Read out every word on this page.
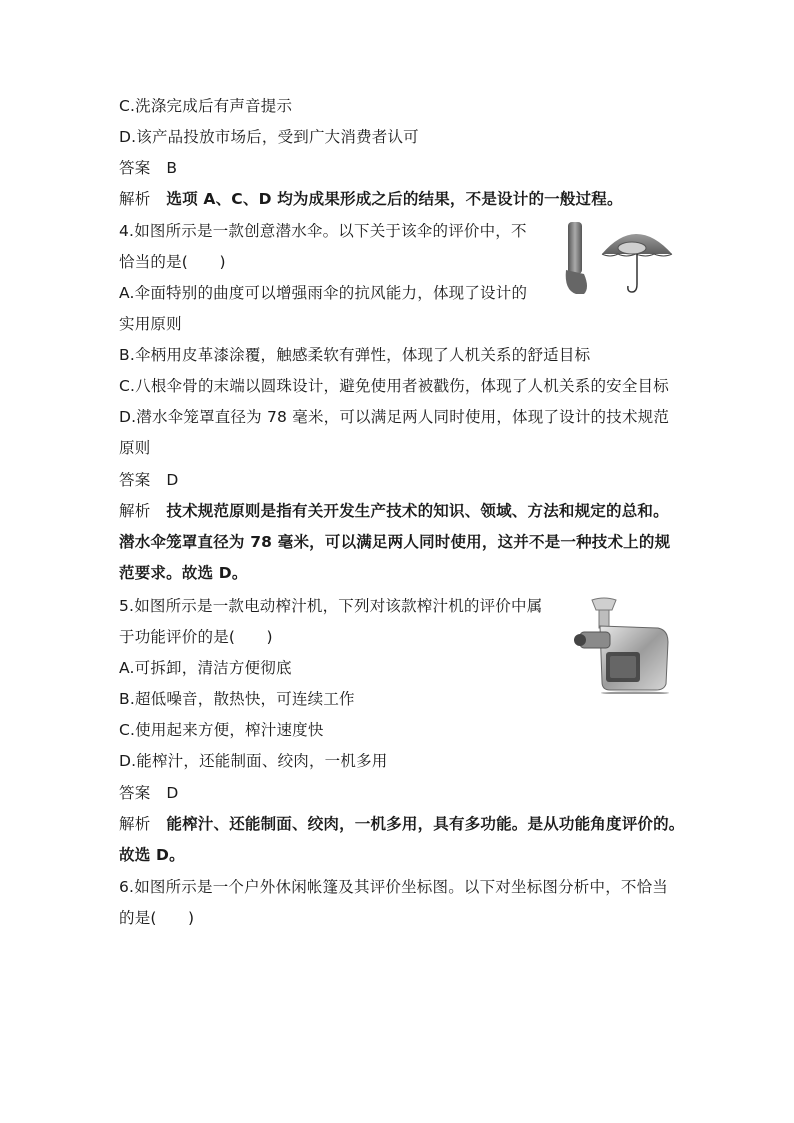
C.洗涤完成后有声音提示
D.该产品投放市场后，受到广大消费者认可
答案 B
解析 选项 A、C、D 均为成果形成之后的结果，不是设计的一般过程。
4.如图所示是一款创意潜水伞。以下关于该伞的评价中，不
恰当的是(　　)
A.伞面特别的曲度可以增强雨伞的抗风能力，体现了设计的
实用原则
B.伞柄用皮革漆涂覆，触感柔软有弹性，体现了人机关系的舒适目标
C.八根伞骨的末端以圆珠设计，避免使用者被戳伤，体现了人机关系的安全目标
D.潜水伞笼罩直径为 78 毫米，可以满足两人同时使用，体现了设计的技术规范
原则
答案 D
解析 技术规范原则是指有关开发生产技术的知识、领域、方法和规定的总和。
潜水伞笼罩直径为 78 毫米，可以满足两人同时使用，这并不是一种技术上的规
范要求。故选 D。
5.如图所示是一款电动榨汁机，下列对该款榨汁机的评价中属
于功能评价的是(　　)
A.可拆卸，清洁方便彻底
B.超低噪音，散热快，可连续工作
C.使用起来方便，榨汁速度快
D.能榨汁，还能制面、绞肉，一机多用
答案 D
解析 能榨汁、还能制面、绞肉，一机多用，具有多功能。是从功能角度评价的。
故选 D。
6.如图所示是一个户外休闲帐篷及其评价坐标图。以下对坐标图分析中，不恰当
的是(　　)
